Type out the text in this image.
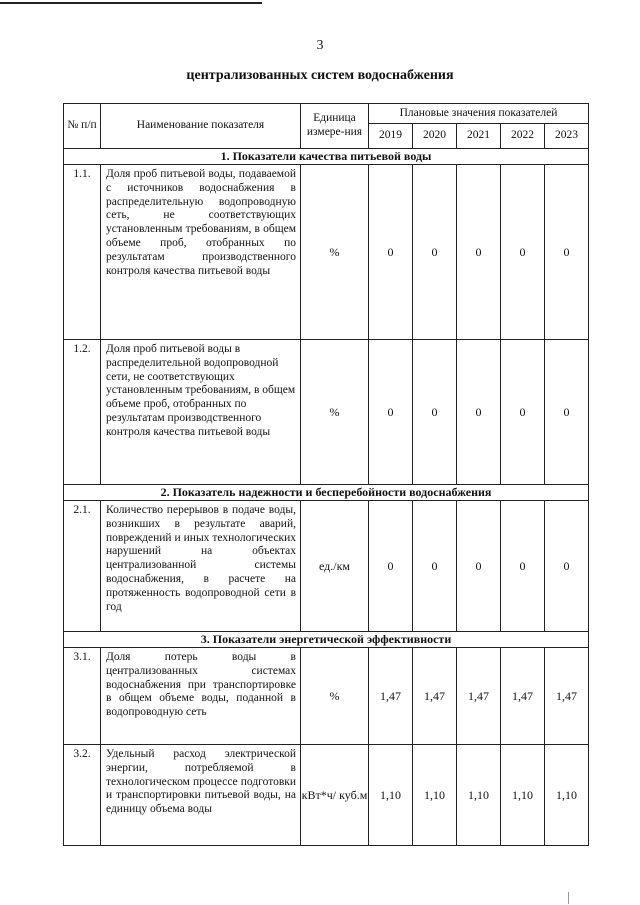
3
централизованных систем водоснабжения
№ п/п	Наименование показателя	Единица измере-ния	Плановые значения показателей				
			2019	2020	2021	2022	2023
1. Показатели качества питьевой воды							
1.1.	Доля проб питьевой воды, подаваемой с источников водоснабжения в распределительную водопроводную сеть, не соответствующих установленным требованиям, в общем объеме проб, отобранных по результатам производственного контроля качества питьевой воды	%	0	0	0	0	0
1.2.	Доля проб питьевой воды в распределительной водопроводной сети, не соответствующих установленным требованиям, в общем объеме проб, отобранных по результатам производственного контроля качества питьевой воды	%	0	0	0	0	0
2. Показатель надежности и бесперебойности водоснабжения							
2.1.	Количество перерывов в подаче воды, возникших в результате аварий, повреждений и иных технологических нарушений на объектах централизованной системы водоснабжения, в расчете на протяженность водопроводной сети в год	ед./км	0	0	0	0	0
3. Показатели энергетической эффективности							
3.1.	Доля потерь воды в централизованных системах водоснабжения при транспортировке в общем объеме воды, поданной в водопроводную сеть	%	1,47	1,47	1,47	1,47	1,47
3.2.	Удельный расход электрической энергии, потребляемой в технологическом процессе подготовки и транспортировки питьевой воды, на единицу объема воды	кВт*ч/ куб.м	1,10	1,10	1,10	1,10	1,10
